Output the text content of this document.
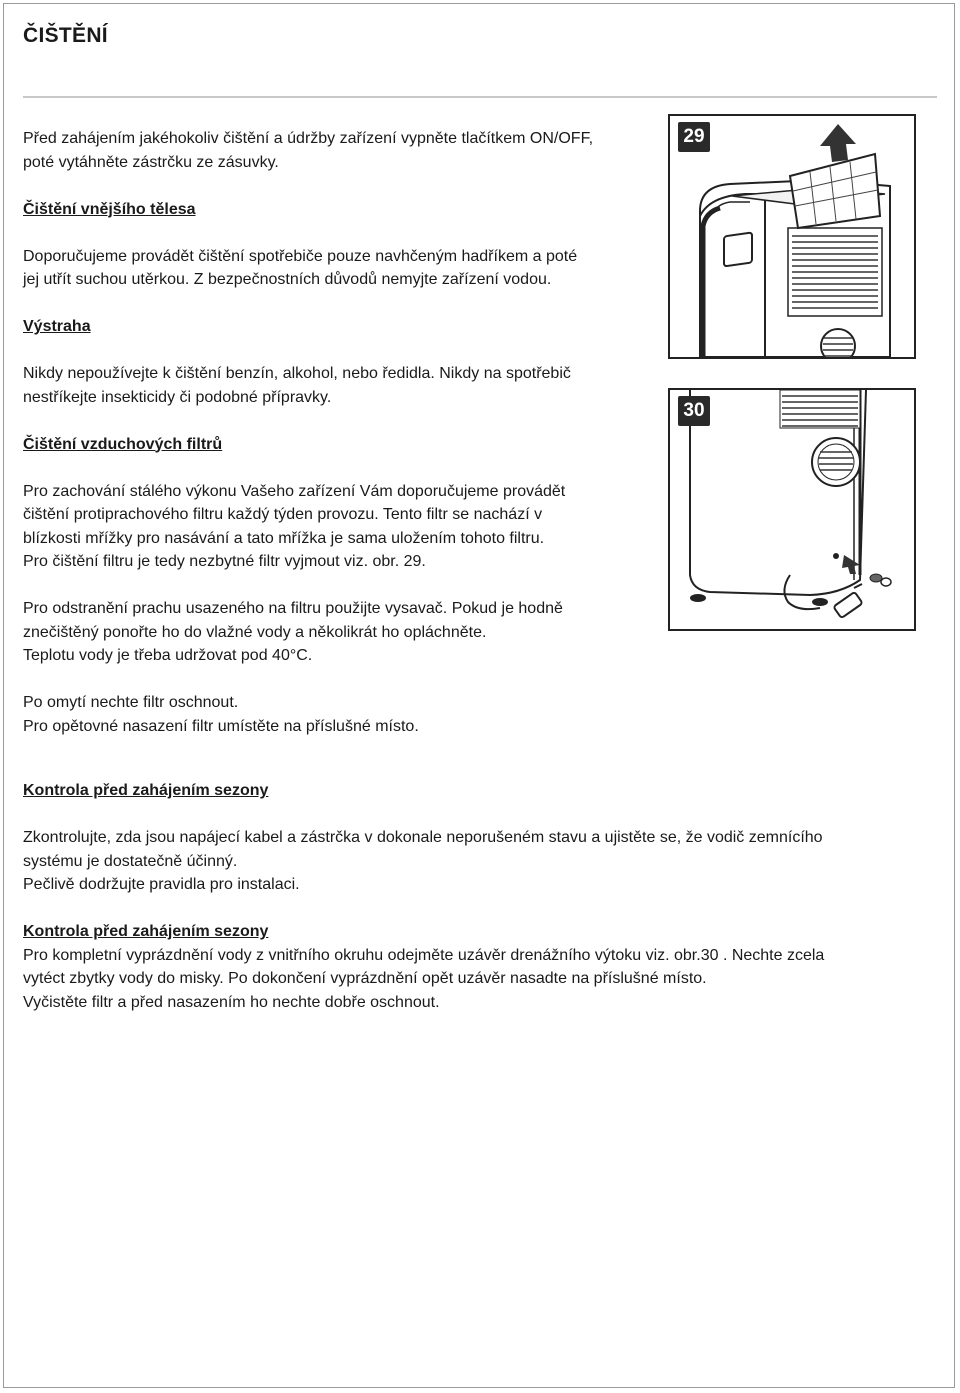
ČIŠTĚNÍ

Před zahájením jakéhokoliv čištění a údržby zařízení vypněte tlačítkem ON/OFF,

poté vytáhněte zástrčku ze zásuvky.

Čištění vnějšího tělesa

Doporučujeme provádět čištění spotřebiče pouze navhčeným hadříkem a poté

jej utřít suchou utěrkou. Z bezpečnostních důvodů nemyjte zařízení vodou.

Výstraha

Nikdy nepoužívejte k čištění benzín, alkohol, nebo ředidla. Nikdy na spotřebič

nestříkejte insekticidy či podobné přípravky.

Čištění vzduchových filtrů

Pro zachování stálého výkonu Vašeho zařízení Vám doporučujeme provádět

čištění protiprachového filtru každý týden provozu. Tento filtr se nachází v

blízkosti mřížky pro nasávání a tato mřížka je sama uložením tohoto filtru.

Pro čištění filtru je tedy nezbytné filtr vyjmout viz. obr. 29.

Pro odstranění prachu usazeného na filtru použijte vysavač. Pokud je hodně

znečištěný ponořte ho do vlažné vody a několikrát ho opláchněte.

Teplotu vody je třeba udržovat pod 40°C.

Po omytí nechte filtr oschnout.

Pro opětovné nasazení filtr umístěte na příslušné místo.

Kontrola před zahájením sezony

Zkontrolujte, zda jsou napájecí kabel a zástrčka v dokonale neporušeném stavu a ujistěte se, že vodič zemnícího

systému je dostatečně účinný.

Pečlivě dodržujte pravidla pro instalaci.

Kontrola před zahájením sezony

Pro kompletní vyprázdnění vody z vnitřního okruhu odejměte uzávěr drenážního výtoku viz. obr.30 . Nechte zcela

vytéct zbytky vody do misky. Po dokončení vyprázdnění opět uzávěr nasadte na příslušné místo.

Vyčistěte filtr a před nasazením ho nechte dobře oschnout.

29
30
